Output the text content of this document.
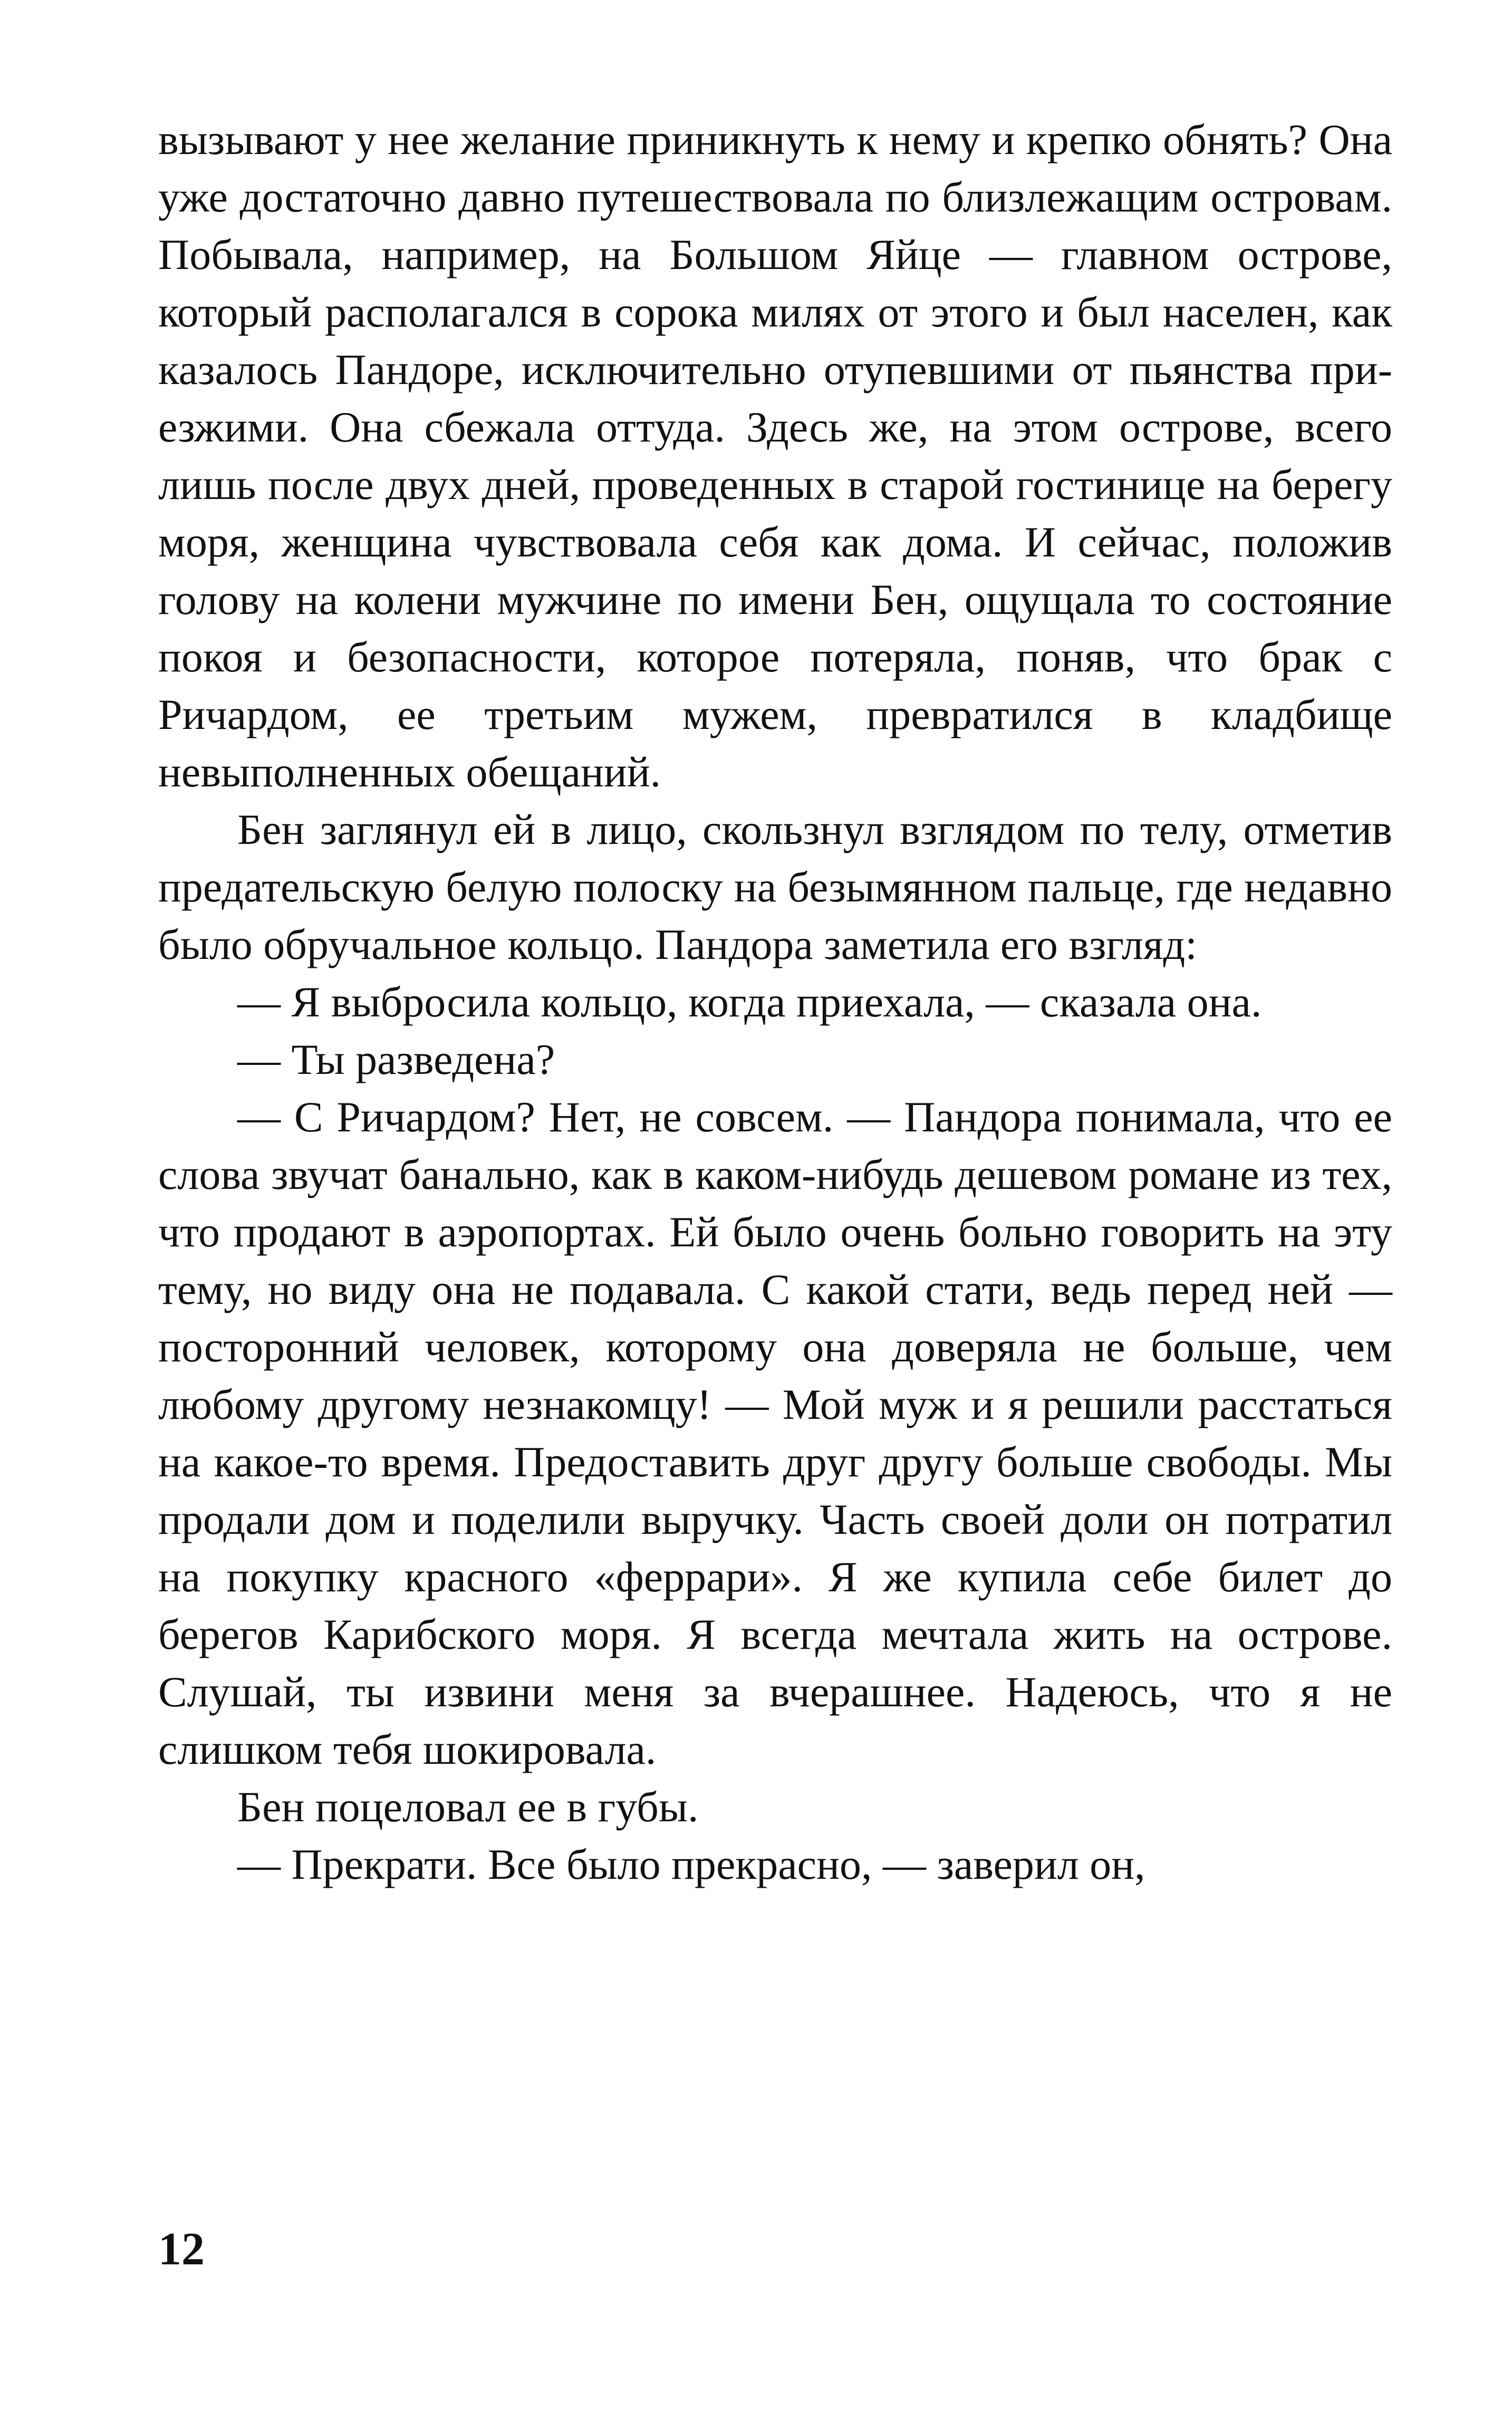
вызывают у нее желание приникнуть к нему и крепко обнять? Она уже достаточно давно путешествовала по близлежащим островам. Побывала, например, на Большом Яйце — главном острове, который располагался в сорока милях от этого и был населен, как казалось Пандоре, исключительно отупевшими от пьянства приезжими. Она сбежала оттуда. Здесь же, на этом острове, всего лишь после двух дней, проведенных в старой гостинице на берегу моря, женщина чувствовала себя как дома. И сейчас, положив голову на колени мужчине по имени Бен, ощущала то состояние покоя и безопасности, которое потеряла, поняв, что брак с Ричардом, ее третьим мужем, превратился в кладбище невыполненных обещаний.

Бен заглянул ей в лицо, скользнул взглядом по телу, отметив предательскую белую полоску на безымянном пальце, где недавно было обручальное кольцо. Пандора заметила его взгляд:

— Я выбросила кольцо, когда приехала, — сказала она.

— Ты разведена?

— С Ричардом? Нет, не совсем. — Пандора понимала, что ее слова звучат банально, как в каком-нибудь дешевом романе из тех, что продают в аэропортах. Ей было очень больно говорить на эту тему, но виду она не подавала. С какой стати, ведь перед ней — посторонний человек, которому она доверяла не больше, чем любому другому незнакомцу! — Мой муж и я решили расстаться на какое-то время. Предоставить друг другу больше свободы. Мы продали дом и поделили выручку. Часть своей доли он потратил на покупку красного «феррари». Я же купила себе билет до берегов Карибского моря. Я всегда мечтала жить на острове. Слушай, ты извини меня за вчерашнее. Надеюсь, что я не слишком тебя шокировала.

Бен поцеловал ее в губы.

— Прекрати. Все было прекрасно, — заверил он,

12
